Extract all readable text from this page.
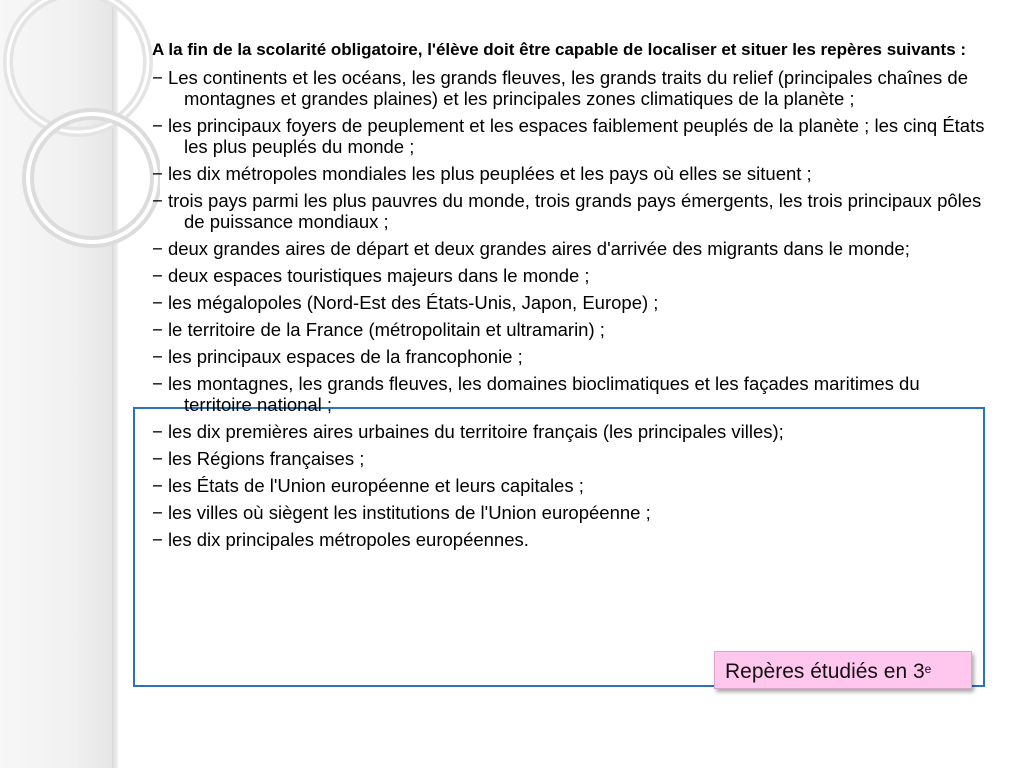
A la fin de la scolarité obligatoire, l'élève doit être capable de localiser et situer les repères suivants :

− Les continents et les océans, les grands fleuves, les grands traits du relief (principales chaînes de montagnes et grandes plaines) et les principales zones climatiques de la planète ;

− les principaux foyers de peuplement et les espaces faiblement peuplés de la planète ; les cinq États les plus peuplés du monde ;

− les dix métropoles mondiales les plus peuplées et les pays où elles se situent ;

− trois pays parmi les plus pauvres du monde, trois grands pays émergents, les trois principaux pôles de puissance mondiaux ;

− deux grandes aires de départ et deux grandes aires d'arrivée des migrants dans le monde;

− deux espaces touristiques majeurs dans le monde ;

− les mégalopoles (Nord-Est des États-Unis, Japon, Europe) ;

− le territoire de la France (métropolitain et ultramarin) ;

− les principaux espaces de la francophonie ;

− les montagnes, les grands fleuves, les domaines bioclimatiques et les façades maritimes du territoire national ;

− les dix premières aires urbaines du territoire français (les principales villes);

− les Régions françaises ;

− les États de l'Union européenne et leurs capitales ;

− les villes où siègent les institutions de l'Union européenne ;

− les dix principales métropoles européennes.

Repères étudiés en 3e
